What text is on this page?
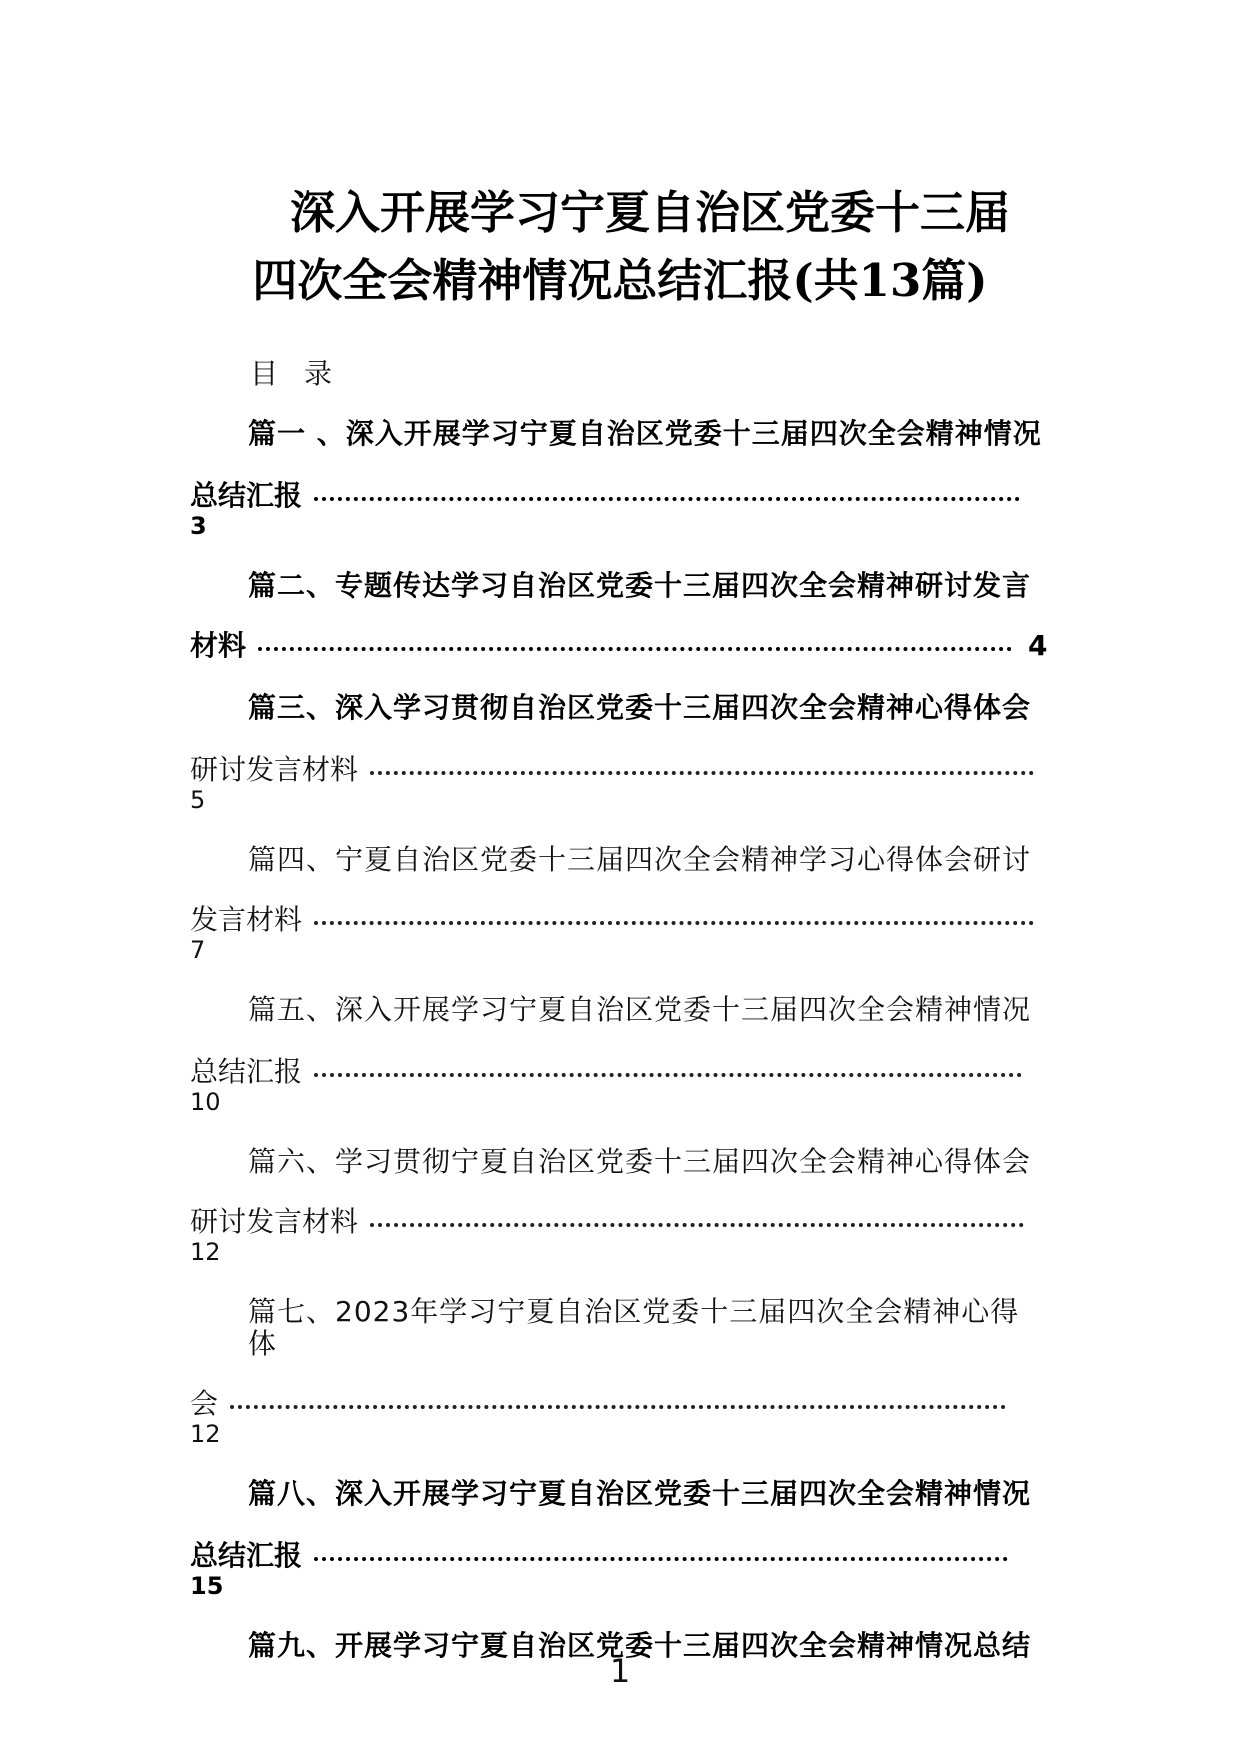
深入开展学习宁夏自治区党委十三届
四次全会精神情况总结汇报(共13篇)
目录
篇一 、深入开展学习宁夏自治区党委十三届四次全会精神情况
总结汇报
3
篇二、专题传达学习自治区党委十三届四次全会精神研讨发言
材料	4
篇三、深入学习贯彻自治区党委十三届四次全会精神心得体会
研讨发言材料
5
篇四、宁夏自治区党委十三届四次全会精神学习心得体会研讨
发言材料
7
篇五、深入开展学习宁夏自治区党委十三届四次全会精神情况
总结汇报
10
篇六、学习贯彻宁夏自治区党委十三届四次全会精神心得体会
研讨发言材料
12
篇七、2023年学习宁夏自治区党委十三届四次全会精神心得
体
会
12
篇八、深入开展学习宁夏自治区党委十三届四次全会精神情况
总结汇报
15
篇九、开展学习宁夏自治区党委十三届四次全会精神情况总结
1
